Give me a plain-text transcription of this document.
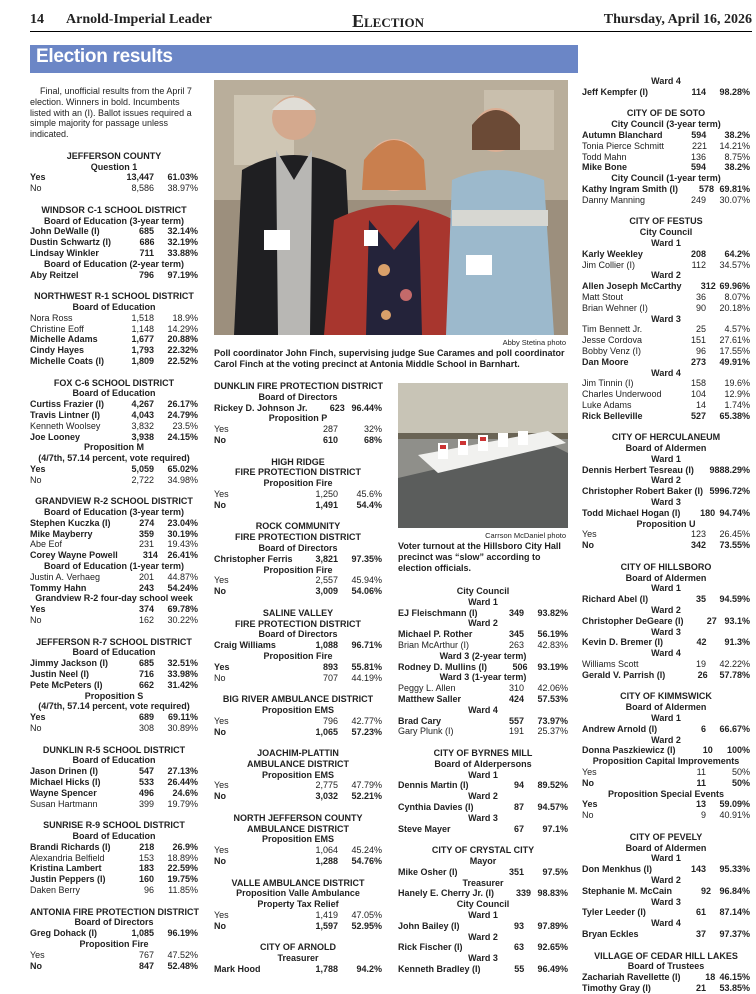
14 Arnold-Imperial Leader	Election	Thursday, April 16, 2026
Election results
Final, unofficial results from the April 7 election. Winners in bold. Incumbents listed with an (I). Ballot issues required a simple majority for passage unless indicated.
JEFFERSON COUNTY
Question 1
Yes	13,447	61.03%
No	8,586	38.97%
WINDSOR C-1 SCHOOL DISTRICT
Board of Education (3-year term)
John DeWalle (I)	685	32.14%
Dustin Schwartz (I)	686	32.19%
Lindsay Winkler	711	33.88%
Board of Education (2-year term)
Aby Reitzel	796	97.19%
NORTHWEST R-1 SCHOOL DISTRICT
Board of Education
Nora Ross	1,518	18.9%
Christine Eoff	1,148	14.29%
Michelle Adams	1,677	20.88%
Cindy Hayes	1,793	22.32%
Michelle Coats (I)	1,809	22.52%
FOX C-6 SCHOOL DISTRICT
Board of Education
Curtiss Frazier (I)	4,267	26.17%
Travis Lintner (I)	4,043	24.79%
Kenneth Woolsey	3,832	23.5%
Joe Looney	3,938	24.15%
Proposition M
(4/7th, 57.14 percent, vote required)
Yes	5,059	65.02%
No	2,722	34.98%
GRANDVIEW R-2 SCHOOL DISTRICT
Board of Education (3-year term)
Stephen Kuczka (I)	274	23.04%
Mike Mayberry	359	30.19%
Abe Eof	231	19.43%
Corey Wayne Powell	314	26.41%
Board of Education (1-year term)
Justin A. Verhaeg	201	44.87%
Tommy Hahn	243	54.24%
Grandview R-2 four-day school week
Yes	374	69.78%
No	162	30.22%
JEFFERSON R-7 SCHOOL DISTRICT
Board of Education
Jimmy Jackson (I)	685	32.51%
Justin Neel (I)	716	33.98%
Pete McPeters (I)	662	31.42%
Proposition S
(4/7th, 57.14 percent, vote required)
Yes	689	69.11%
No	308	30.89%
DUNKLIN R-5 SCHOOL DISTRICT
Board of Education
Jason Drinen (I)	547	27.13%
Michael Hicks (I)	533	26.44%
Wayne Spencer	496	24.6%
Susan Hartmann	399	19.79%
SUNRISE R-9 SCHOOL DISTRICT
Board of Education
Brandi Richards (I)	218	26.9%
Alexandria Belfield	153	18.89%
Kristina Lambert	183	22.59%
Justin Peppers (I)	160	19.75%
Daken Berry	96	11.85%
ANTONIA FIRE PROTECTION DISTRICT
Board of Directors
Greg Dohack (I)	1,085	96.19%
Proposition Fire
Yes	767	47.52%
No	847	52.48%
Abby Stetina photo
Poll coordinator John Finch, supervising judge Sue Carames and poll coordinator Carol Finch at the voting precinct at Antonia Middle School in Barnhart.
DUNKLIN FIRE PROTECTION DISTRICT
Board of Directors
Rickey D. Johnson Jr.	623 96.44%
Proposition P
Yes	287	32%
No	610	68%
HIGH RIDGE
FIRE PROTECTION DISTRICT
Proposition Fire
Yes	1,250	45.6%
No	1,491	54.4%
ROCK COMMUNITY
FIRE PROTECTION DISTRICT
Board of Directors
Christopher Ferris	3,821	97.35%
Proposition Fire
Yes	2,557	45.94%
No	3,009	54.06%
SALINE VALLEY
FIRE PROTECTION DISTRICT
Board of Directors
Craig Williams	1,088	96.71%
Proposition Fire
Yes	893	55.81%
No	707	44.19%
BIG RIVER AMBULANCE DISTRICT
Proposition EMS
Yes	796	42.77%
No	1,065	57.23%
JOACHIM-PLATTIN
AMBULANCE DISTRICT
Proposition EMS
Yes	2,775	47.79%
No	3,032	52.21%
NORTH JEFFERSON COUNTY
AMBULANCE DISTRICT
Proposition EMS
Yes	1,064	45.24%
No	1,288	54.76%
VALLE AMBULANCE DISTRICT
Proposition Valle Ambulance
Property Tax Relief
Yes	1,419	47.05%
No	1,597	52.95%
CITY OF ARNOLD
Treasurer
Mark Hood	1,788	94.2%
Carrson McDaniel photo
Voter turnout at the Hillsboro City Hall precinct was “slow” according to election officials.
City Council
Ward 1
EJ Fleischmann (I)	349	93.82%
Ward 2
Michael P. Rother	345	56.19%
Brian McArthur (I)	263	42.83%
Ward 3 (2-year term)
Rodney D. Mullins (I)	506	93.19%
Ward 3 (1-year term)
Peggy L. Allen	310	42.06%
Matthew Saller	424	57.53%
Ward 4
Brad Cary	557	73.97%
Gary Plunk (I)	191	25.37%
CITY OF BYRNES MILL
Board of Alderpersons
Ward 1
Dennis Martin (I)	94	89.52%
Ward 2
Cynthia Davies (I)	87	94.57%
Ward 3
Steve Mayer	67	97.1%
CITY OF CRYSTAL CITY
Mayor
Mike Osher (I)	351	97.5%
Treasurer
Hanely E. Cherry Jr. (I)	339 98.83%
City Council
Ward 1
John Bailey (I)	93	97.89%
Ward 2
Rick Fischer (I)	63	92.65%
Ward 3
Kenneth Bradley (I)	55	96.49%
Ward 4
Jeff Kempfer (I)	114	98.28%
CITY OF DE SOTO
City Council (3-year term)
Autumn Blanchard	594	38.2%
Tonia Pierce Schmitt	221	14.21%
Todd Mahn	136	8.75%
Mike Bone	594	38.2%
City Council (1-year term)
Kathy Ingram Smith (I)	578 69.81%
Danny Manning	249	30.07%
CITY OF FESTUS
City Council
Ward 1
Karly Weekley	208	64.2%
Jim Collier (I)	112	34.57%
Ward 2
Allen Joseph McCarthy	312 69.96%
Matt Stout	36	8.07%
Brian Wehner (I)	90	20.18%
Ward 3
Tim Bennett Jr.	25	4.57%
Jesse Cordova	151	27.61%
Bobby Venz (I)	96	17.55%
Dan Moore	273	49.91%
Ward 4
Jim Tinnin (I)	158	19.6%
Charles Underwood	104	12.9%
Luke Adams	14	1.74%
Rick Belleville	527	65.38%
CITY OF HERCULANEUM
Board of Aldermen
Ward 1
Dennis Herbert Tesreau (I)	98 88.29%
Ward 2
Christopher Robert Baker (I) 59 96.72%
Ward 3
Todd Michael Hogan (I)	180 94.74%
Proposition U
Yes	123	26.45%
No	342	73.55%
CITY OF HILLSBORO
Board of Aldermen
Ward 1
Richard Abel (I)	35	94.59%
Ward 2
Christopher DeGeare (I)	27 93.1%
Ward 3
Kevin D. Bremer (I)	42	91.3%
Ward 4
Williams Scott	19	42.22%
Gerald V. Parrish (I)	26	57.78%
CITY OF KIMMSWICK
Board of Aldermen
Ward 1
Andrew Arnold (I)	6	66.67%
Ward 2
Donna Paszkiewicz (I)	10	100%
Proposition Capital Improvements
Yes	11	50%
No	11	50%
Proposition Special Events
Yes	13	59.09%
No	9	40.91%
CITY OF PEVELY
Board of Aldermen
Ward 1
Don Menkhus (I)	143	95.33%
Ward 2
Stephanie M. McCain	92 96.84%
Ward 3
Tyler Leeder (I)	61	87.14%
Ward 4
Bryan Eckles	37	97.37%
VILLAGE OF CEDAR HILL LAKES
Board of Trustees
Zachariah Ravellette (I)	18 46.15%
Timothy Gray (I)	21	53.85%
